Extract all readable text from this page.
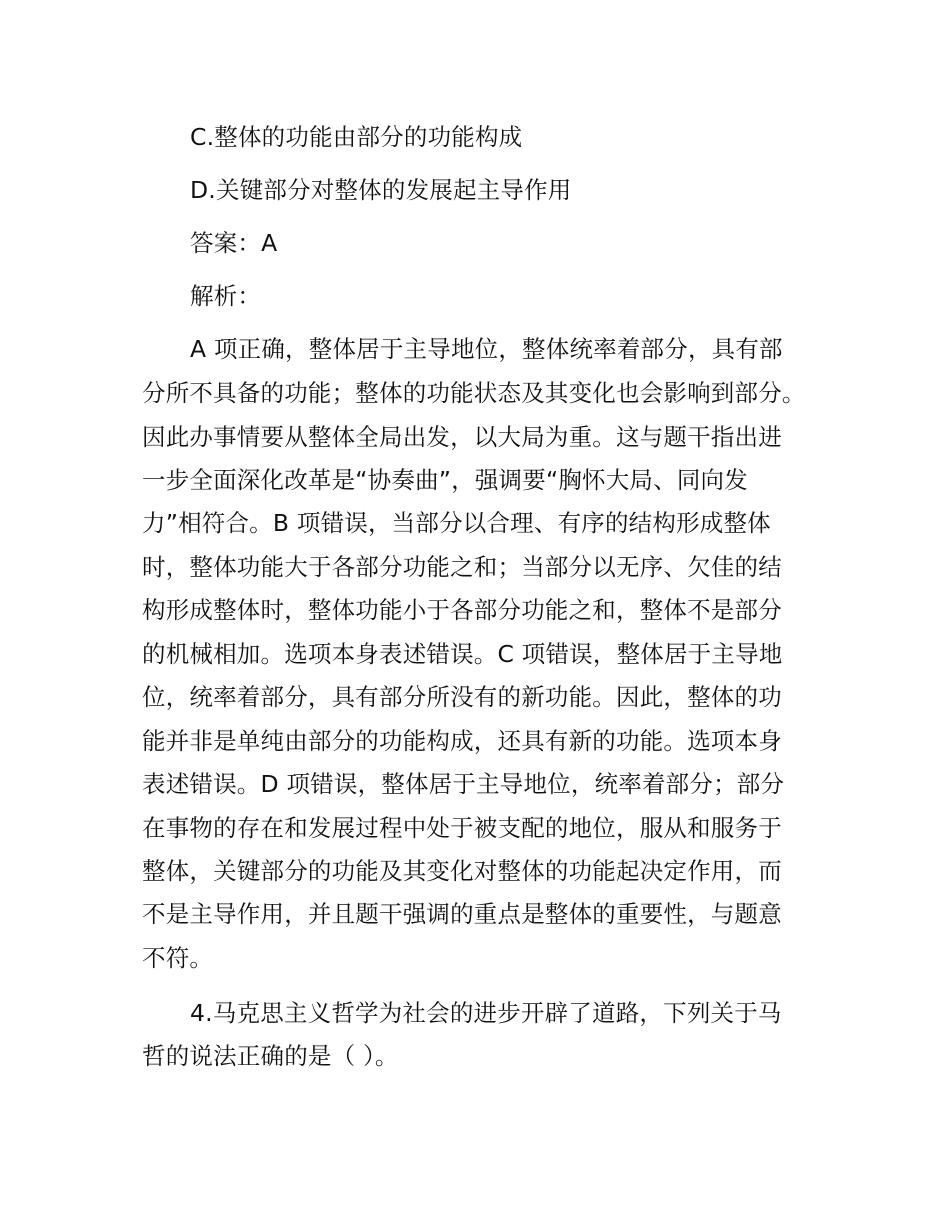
C.整体的功能由部分的功能构成
D.关键部分对整体的发展起主导作用
答案：A
解析：
A 项正确，整体居于主导地位，整体统率着部分，具有部
分所不具备的功能；整体的功能状态及其变化也会影响到部分。
因此办事情要从整体全局出发，以大局为重。这与题干指出进
一步全面深化改革是“协奏曲”，强调要“胸怀大局、同向发
力”相符合。B 项错误，当部分以合理、有序的结构形成整体
时，整体功能大于各部分功能之和；当部分以无序、欠佳的结
构形成整体时，整体功能小于各部分功能之和，整体不是部分
的机械相加。选项本身表述错误。C 项错误，整体居于主导地
位，统率着部分，具有部分所没有的新功能。因此，整体的功
能并非是单纯由部分的功能构成，还具有新的功能。选项本身
表述错误。D 项错误，整体居于主导地位，统率着部分；部分
在事物的存在和发展过程中处于被支配的地位，服从和服务于
整体，关键部分的功能及其变化对整体的功能起决定作用，而
不是主导作用，并且题干强调的重点是整体的重要性，与题意
不符。
4.马克思主义哲学为社会的进步开辟了道路，下列关于马
哲的说法正确的是（ ）。
